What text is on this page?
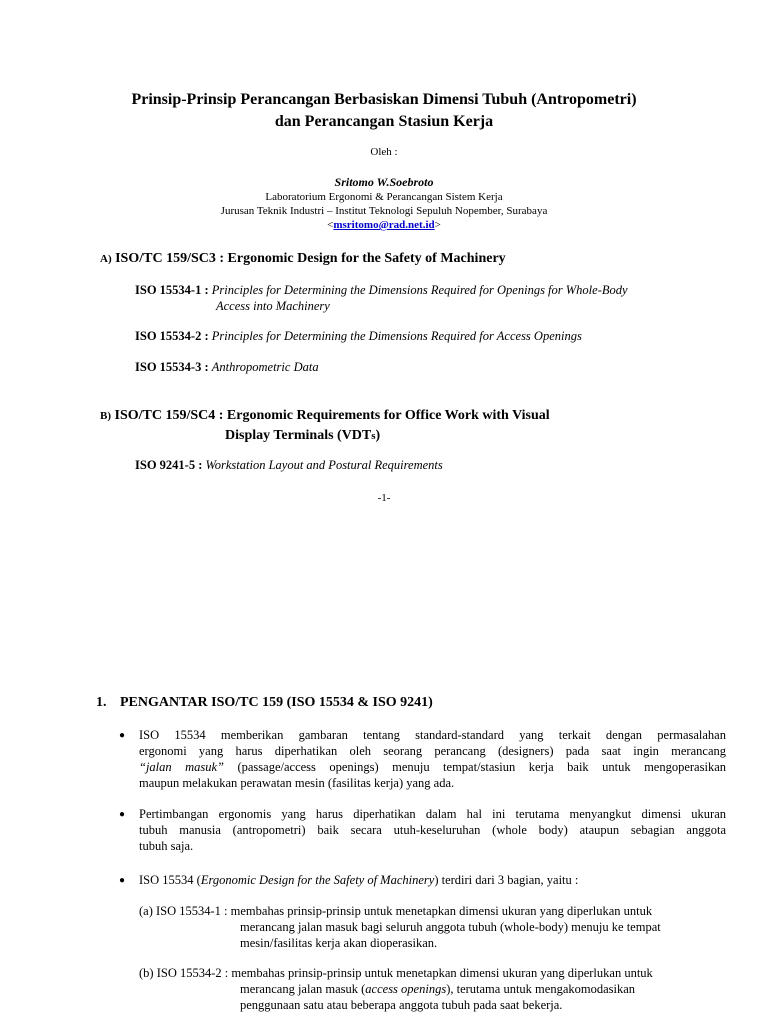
Prinsip-Prinsip Perancangan Berbasiskan Dimensi Tubuh (Antropometri)
dan Perancangan Stasiun Kerja
Oleh :
Sritomo W.Soebroto
Laboratorium Ergonomi & Perancangan Sistem Kerja
Jurusan Teknik Industri – Institut Teknologi Sepuluh Nopember, Surabaya
<msritomo@rad.net.id>
A) ISO/TC 159/SC3 : Ergonomic Design for the Safety of Machinery
ISO 15534-1 : Principles for Determining the Dimensions Required for Openings for Whole-Body
Access into Machinery
ISO 15534-2 : Principles for Determining the Dimensions Required for Access Openings
ISO 15534-3 : Anthropometric Data
B) ISO/TC 159/SC4 : Ergonomic Requirements for Office Work with Visual
Display Terminals (VDTs)
ISO 9241-5 : Workstation Layout and Postural Requirements
-1-
1. PENGANTAR ISO/TC 159 (ISO 15534 & ISO 9241)
● ISO 15534 memberikan gambaran tentang standard-standard yang terkait dengan permasalahan
ergonomi yang harus diperhatikan oleh seorang perancang (designers) pada saat ingin merancang
“jalan masuk” (passage/access openings) menuju tempat/stasiun kerja baik untuk mengoperasikan
maupun melakukan perawatan mesin (fasilitas kerja) yang ada.
● Pertimbangan ergonomis yang harus diperhatikan dalam hal ini terutama menyangkut dimensi ukuran
tubuh manusia (antropometri) baik secara utuh-keseluruhan (whole body) ataupun sebagian anggota
tubuh saja.
● ISO 15534 (Ergonomic Design for the Safety of Machinery) terdiri dari 3 bagian, yaitu :
(a) ISO 15534-1 : membahas prinsip-prinsip untuk menetapkan dimensi ukuran yang diperlukan untuk
merancang jalan masuk bagi seluruh anggota tubuh (whole-body) menuju ke tempat
mesin/fasilitas kerja akan dioperasikan.
(b) ISO 15534-2 : membahas prinsip-prinsip untuk menetapkan dimensi ukuran yang diperlukan untuk
merancang jalan masuk (access openings), terutama untuk mengakomodasikan
penggunaan satu atau beberapa anggota tubuh pada saat bekerja.
